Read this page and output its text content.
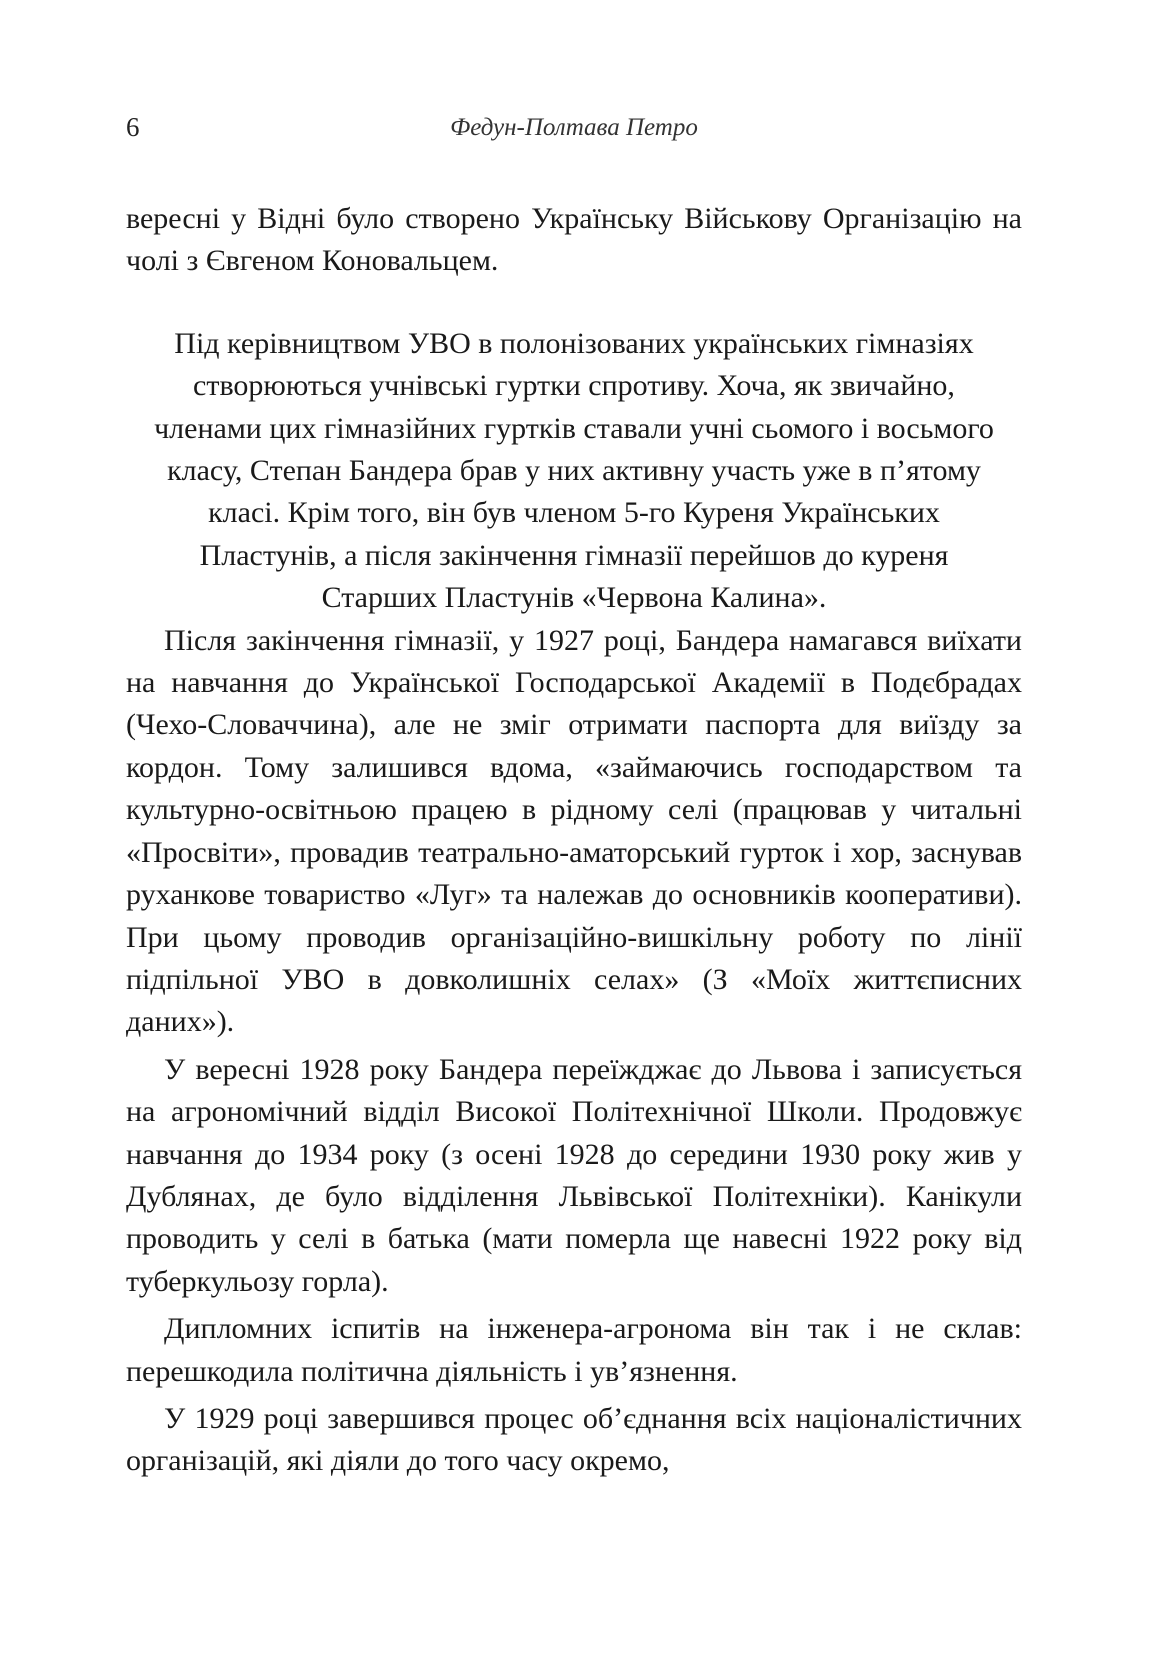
6	Федун-Полтава Петро

вересні у Відні було створено Українську Військову Організацію на чолі з Євгеном Коновальцем.

Під керівництвом УВО в полонізованих українських гімназіях створюються учнівські гуртки спротиву. Хоча, як звичайно, членами цих гімназійних гуртків ставали учні сьомого і восьмого класу, Степан Бандера брав у них активну участь уже в п’ятому класі. Крім того, він був членом 5-го Куреня Українських Пластунів, а після закінчення гімназії перейшов до куреня Старших Пластунів «Червона Калина».

Після закінчення гімназії, у 1927 році, Бандера намагався виїхати на навчання до Української Господарської Академії в Подєбрадах (Чехо-Словаччина), але не зміг отримати паспорта для виїзду за кордон. Тому залишився вдома, «займаючись господарством та культурно-освітньою працею в рідному селі (працював у читальні «Просвіти», провадив театрально-аматорський гурток і хор, заснував руханкове товариство «Луг» та належав до основників кооперативи). При цьому проводив організаційно-вишкільну роботу по лінії підпільної УВО в довколишніх селах» (З «Моїх життєписних даних»).

У вересні 1928 року Бандера переїжджає до Львова і записується на агрономічний відділ Високої Політехнічної Школи. Продовжує навчання до 1934 року (з осені 1928 до середини 1930 року жив у Дублянах, де було відділення Львівської Політехніки). Канікули проводить у селі в батька (мати померла ще навесні 1922 року від туберкульозу горла).

Дипломних іспитів на інженера-агронома він так і не склав: перешкодила політична діяльність і ув’язнення.

У 1929 році завершився процес об’єднання всіх націоналістичних організацій, які діяли до того часу окремо,
